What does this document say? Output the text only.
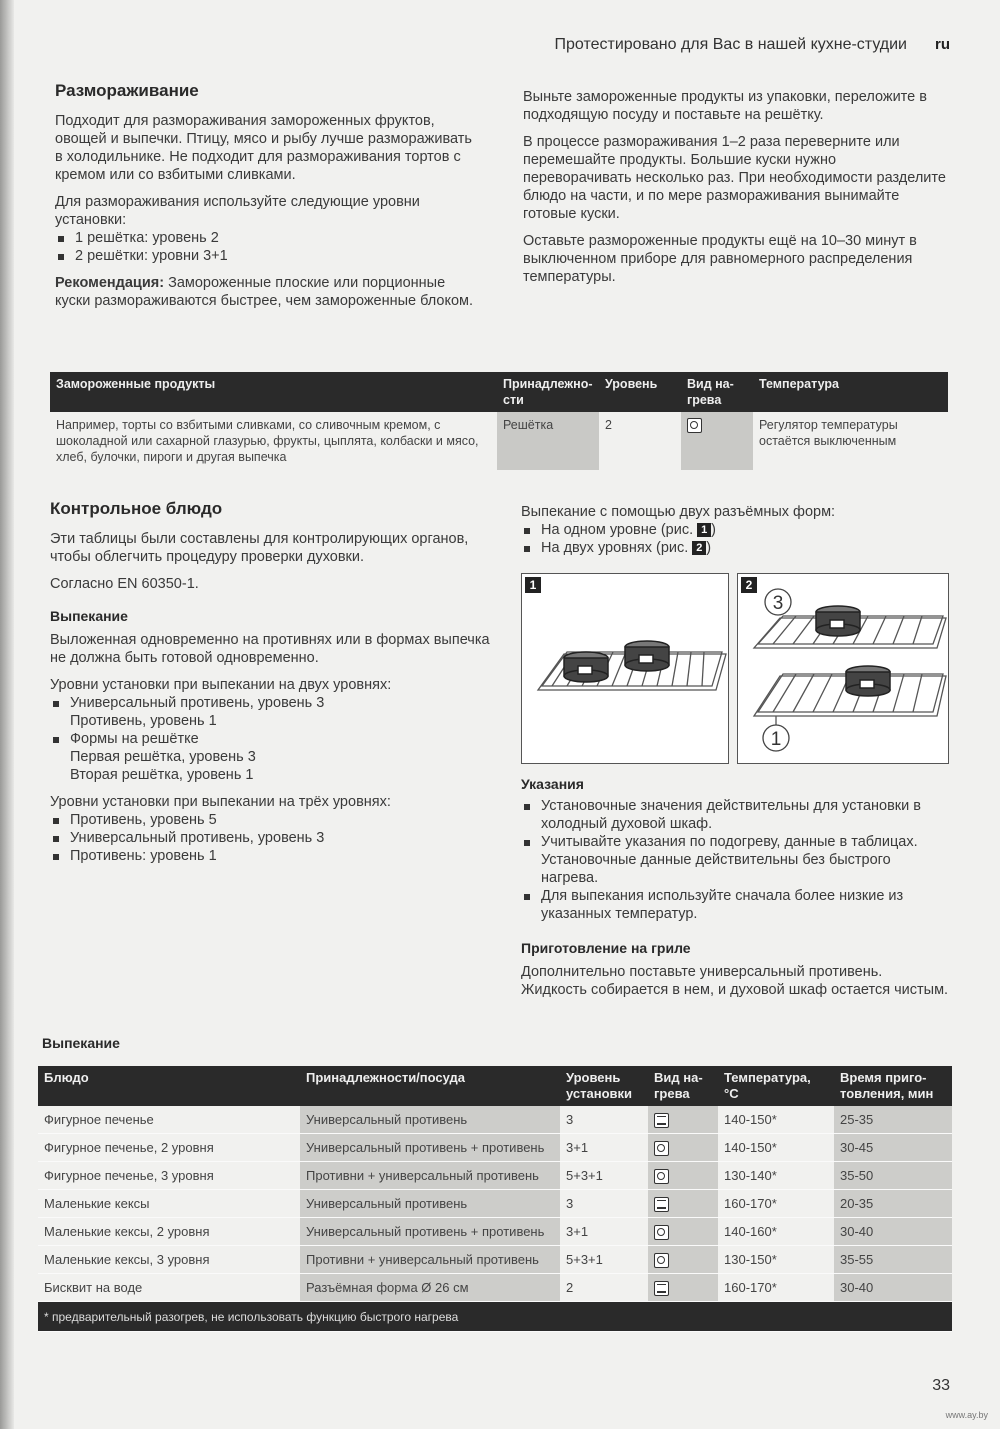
Протестировано для Вас в нашей кухне-студии ru
Размораживание

Подходит для размораживания замороженных фруктов, овощей и выпечки. Птицу, мясо и рыбу лучше размораживать в холодильнике. Не подходит для размораживания тортов с кремом или со взбитыми сливками.

Для размораживания используйте следующие уровни установки:

1 решётка: уровень 2
2 решётки: уровни 3+1

Рекомендация: Замороженные плоские или порционные куски размораживаются быстрее, чем замороженные блоком.

Выньте замороженные продукты из упаковки, переложите в подходящую посуду и поставьте на решётку.

В процессе размораживания 1–2 раза переверните или перемешайте продукты. Большие куски нужно переворачивать несколько раз. При необходимости разделите блюдо на части, и по мере размораживания вынимайте готовые куски.

Оставьте размороженные продукты ещё на 10–30 минут в выключенном приборе для равномерного распределения температуры.

Замороженные продукты	Принадлежно-сти	Уровень	Вид на-грева	Температура
Например, торты со взбитыми сливками, со сливочным кремом, с шоколадной или сахарной глазурью, фрукты, цыплята, колбаски и мясо, хлеб, булочки, пироги и другая выпечка	Решётка	2		Регулятор температуры остаётся выключенным
Контрольное блюдо

Эти таблицы были составлены для контролирующих органов, чтобы облегчить процедуру проверки духовки.

Согласно EN 60350-1.

Выпекание

Выложенная одновременно на противнях или в формах выпечка не должна быть готовой одновременно.

Уровни установки при выпекании на двух уровнях:

Универсальный противень, уровень 3
Противень, уровень 1
Формы на решётке
Первая решётка, уровень 3
Вторая решётка, уровень 1

Уровни установки при выпекании на трёх уровнях:

Противень, уровень 5
Универсальный противень, уровень 3
Противень: уровень 1

Выпекание с помощью двух разъёмных форм:

На одном уровне (рис. 1 )
На двух уровнях (рис. 2 )
1	2
3
1
Указания
Установочные значения действительны для установки в холодный духовой шкаф.
Учитывайте указания по подогреву, данные в таблицах. Установочные данные действительны без быстрого нагрева.
Для выпекания используйте сначала более низкие из указанных температур.
Приготовление на гриле

Дополнительно поставьте универсальный противень. Жидкость собирается в нем, и духовой шкаф остается чистым.

Выпекание
Блюдо	Принадлежности/посуда	Уровень установки	Вид на-грева	Температура, °C	Время приго-товления, мин
Фигурное печенье	Универсальный противень	3		140-150*	25-35
Фигурное печенье, 2 уровня	Универсальный противень + противень	3+1		140-150*	30-45
Фигурное печенье, 3 уровня	Противни + универсальный противень	5+3+1		130-140*	35-50
Маленькие кексы	Универсальный противень	3		160-170*	20-35
Маленькие кексы, 2 уровня	Универсальный противень + противень	3+1		140-160*	30-40
Маленькие кексы, 3 уровня	Противни + универсальный противень	5+3+1		130-150*	35-55
Бисквит на воде	Разъёмная форма Ø 26 см	2		160-170*	30-40
* предварительный разогрев, не использовать функцию быстрого нагрева					
33
www.ay.by
